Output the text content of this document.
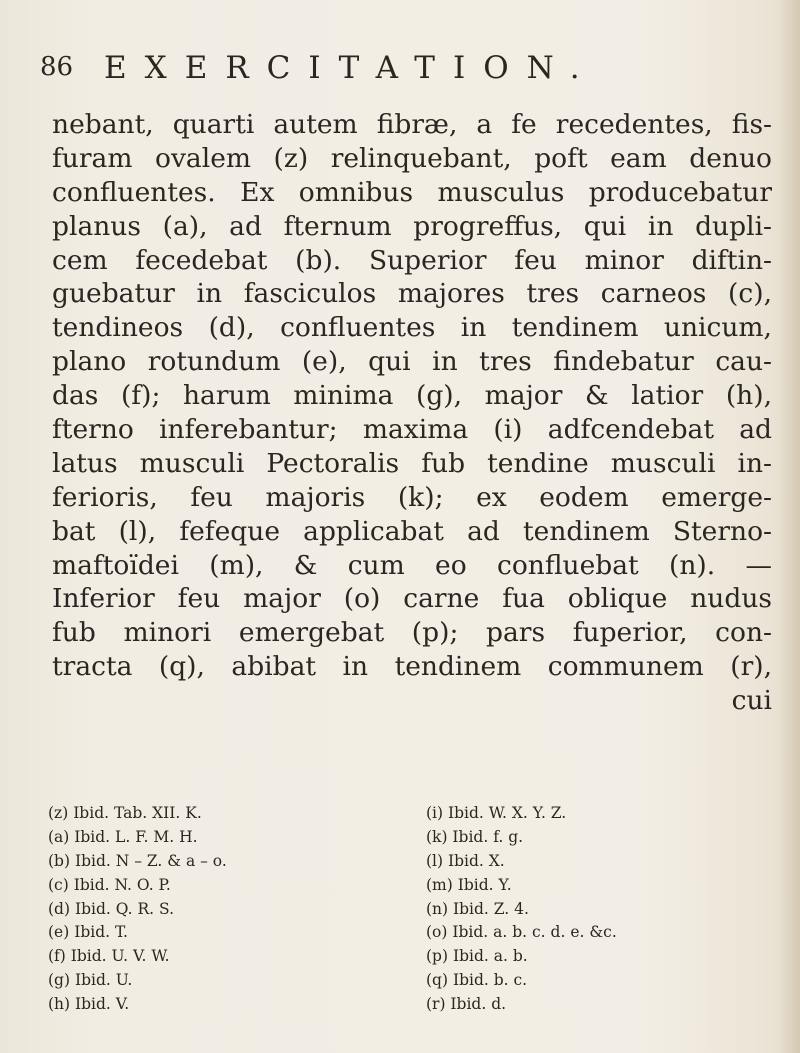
86 EXERCITATION.
nebant, quarti autem fibræ, a fe recedentes, fis-
furam ovalem (z) relinquebant, poft eam denuo
confluentes. Ex omnibus musculus producebatur
planus (a), ad fternum progreffus, qui in dupli-
cem fecedebat (b). Superior feu minor diftin-
guebatur in fasciculos majores tres carneos (c),
tendineos (d), confluentes in tendinem unicum,
plano rotundum (e), qui in tres findebatur cau-
das (f); harum minima (g), major & latior (h),
fterno inferebantur; maxima (i) adfcendebat ad
latus musculi Pectoralis fub tendine musculi in-
ferioris, feu majoris (k); ex eodem emerge-
bat (l), fefeque applicabat ad tendinem Sterno-
maftoïdei (m), & cum eo confluebat (n). —
Inferior feu major (o) carne fua oblique nudus
fub minori emergebat (p); pars fuperior, con-
tracta (q), abibat in tendinem communem (r),
cui
(z) Ibid. Tab. XII. K.
(a) Ibid. L. F. M. H.
(b) Ibid. N – Z. & a – o.
(c) Ibid. N. O. P.
(d) Ibid. Q. R. S.
(e) Ibid. T.
(f) Ibid. U. V. W.
(g) Ibid. U.
(h) Ibid. V.
(i) Ibid. W. X. Y. Z.
(k) Ibid. f. g.
(l) Ibid. X.
(m) Ibid. Y.
(n) Ibid. Z. 4.
(o) Ibid. a. b. c. d. e. &c.
(p) Ibid. a. b.
(q) Ibid. b. c.
(r) Ibid. d.
